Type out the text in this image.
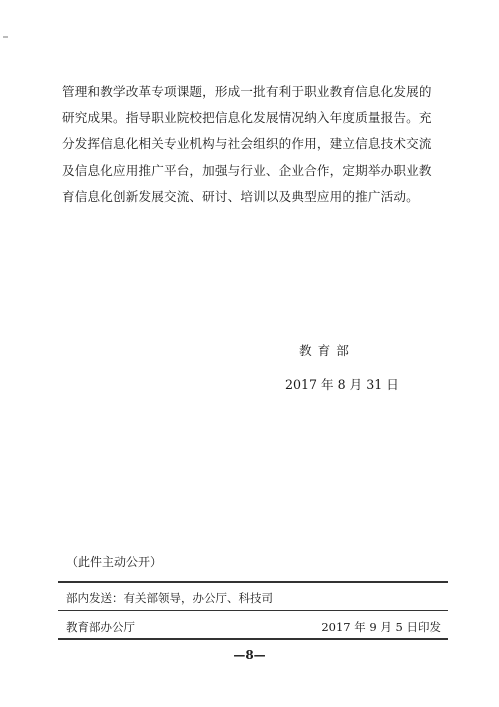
管理和教学改革专项课题，形成一批有利于职业教育信息化发展的
研究成果。指导职业院校把信息化发展情况纳入年度质量报告。充
分发挥信息化相关专业机构与社会组织的作用，建立信息技术交流
及信息化应用推广平台，加强与行业、企业合作，定期举办职业教
育信息化创新发展交流、研讨、培训以及典型应用的推广活动。
教育部
2017 年 8 月 31 日
（此件主动公开）
部内发送：有关部领导，办公厅、科技司
教育部办公厅	2017 年 9 月 5 日印发
—8—
